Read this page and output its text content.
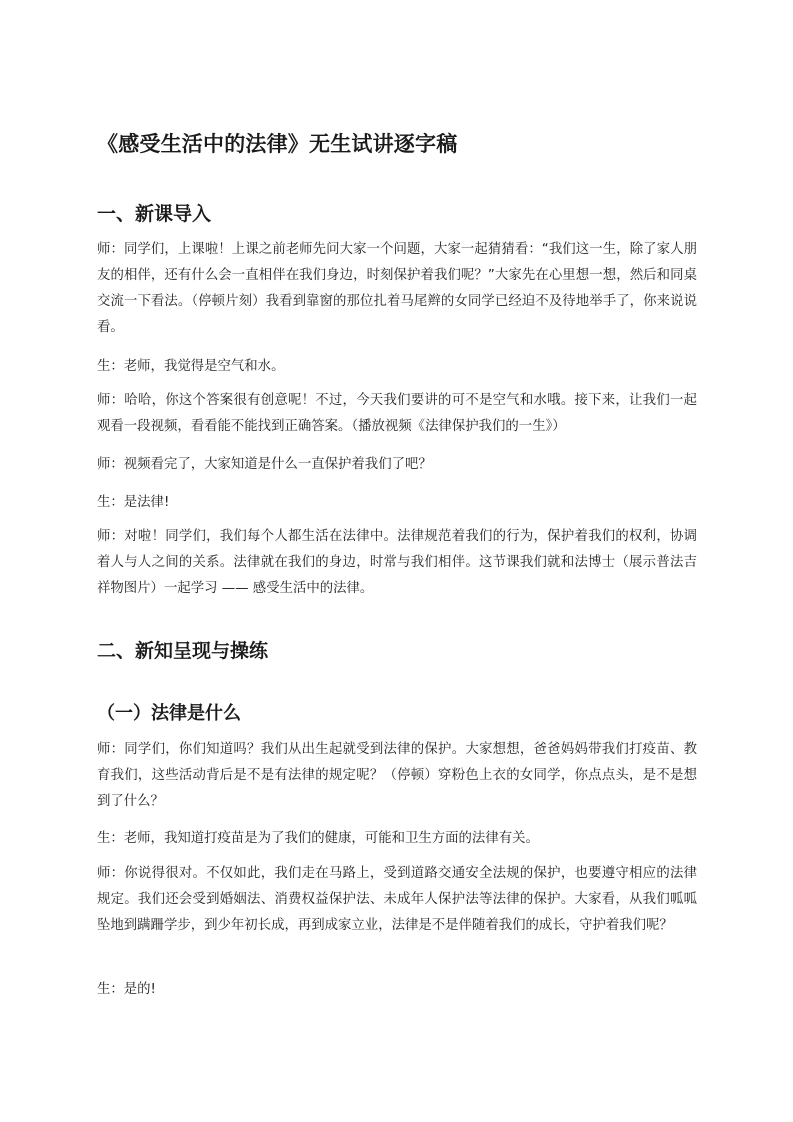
《感受生活中的法律》无生试讲逐字稿
一、新课导入

师：同学们，上课啦！上课之前老师先问大家一个问题，大家一起猜猜看：“我们这一生，除了家人朋友的相伴，还有什么会一直相伴在我们身边，时刻保护着我们呢？”大家先在心里想一想，然后和同桌交流一下看法。（停顿片刻）我看到靠窗的那位扎着马尾辫的女同学已经迫不及待地举手了，你来说说看。

生：老师，我觉得是空气和水。

师：哈哈，你这个答案很有创意呢！不过，今天我们要讲的可不是空气和水哦。接下来，让我们一起观看一段视频，看看能不能找到正确答案。（播放视频《法律保护我们的一生》）

师：视频看完了，大家知道是什么一直保护着我们了吧？

生：是法律!

师：对啦！同学们，我们每个人都生活在法律中。法律规范着我们的行为，保护着我们的权利，协调着人与人之间的关系。法律就在我们的身边，时常与我们相伴。这节课我们就和法博士（展示普法吉祥物图片）一起学习 —— 感受生活中的法律。

二、新知呈现与操练
（一）法律是什么

师：同学们，你们知道吗？我们从出生起就受到法律的保护。大家想想，爸爸妈妈带我们打疫苗、教育我们，这些活动背后是不是有法律的规定呢？（停顿）穿粉色上衣的女同学，你点点头，是不是想到了什么？

生：老师，我知道打疫苗是为了我们的健康，可能和卫生方面的法律有关。

师：你说得很对。不仅如此，我们走在马路上，受到道路交通安全法规的保护，也要遵守相应的法律规定。我们还会受到婚姻法、消费权益保护法、未成年人保护法等法律的保护。大家看，从我们呱呱坠地到蹒跚学步，到少年初长成，再到成家立业，法律是不是伴随着我们的成长，守护着我们呢？

生：是的!
